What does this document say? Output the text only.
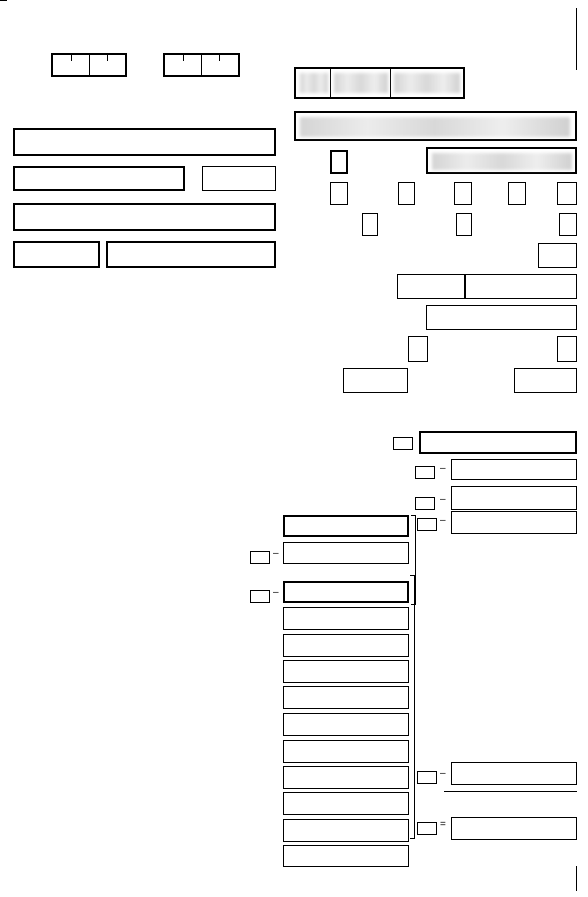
–
–
–
–
–
–
=
